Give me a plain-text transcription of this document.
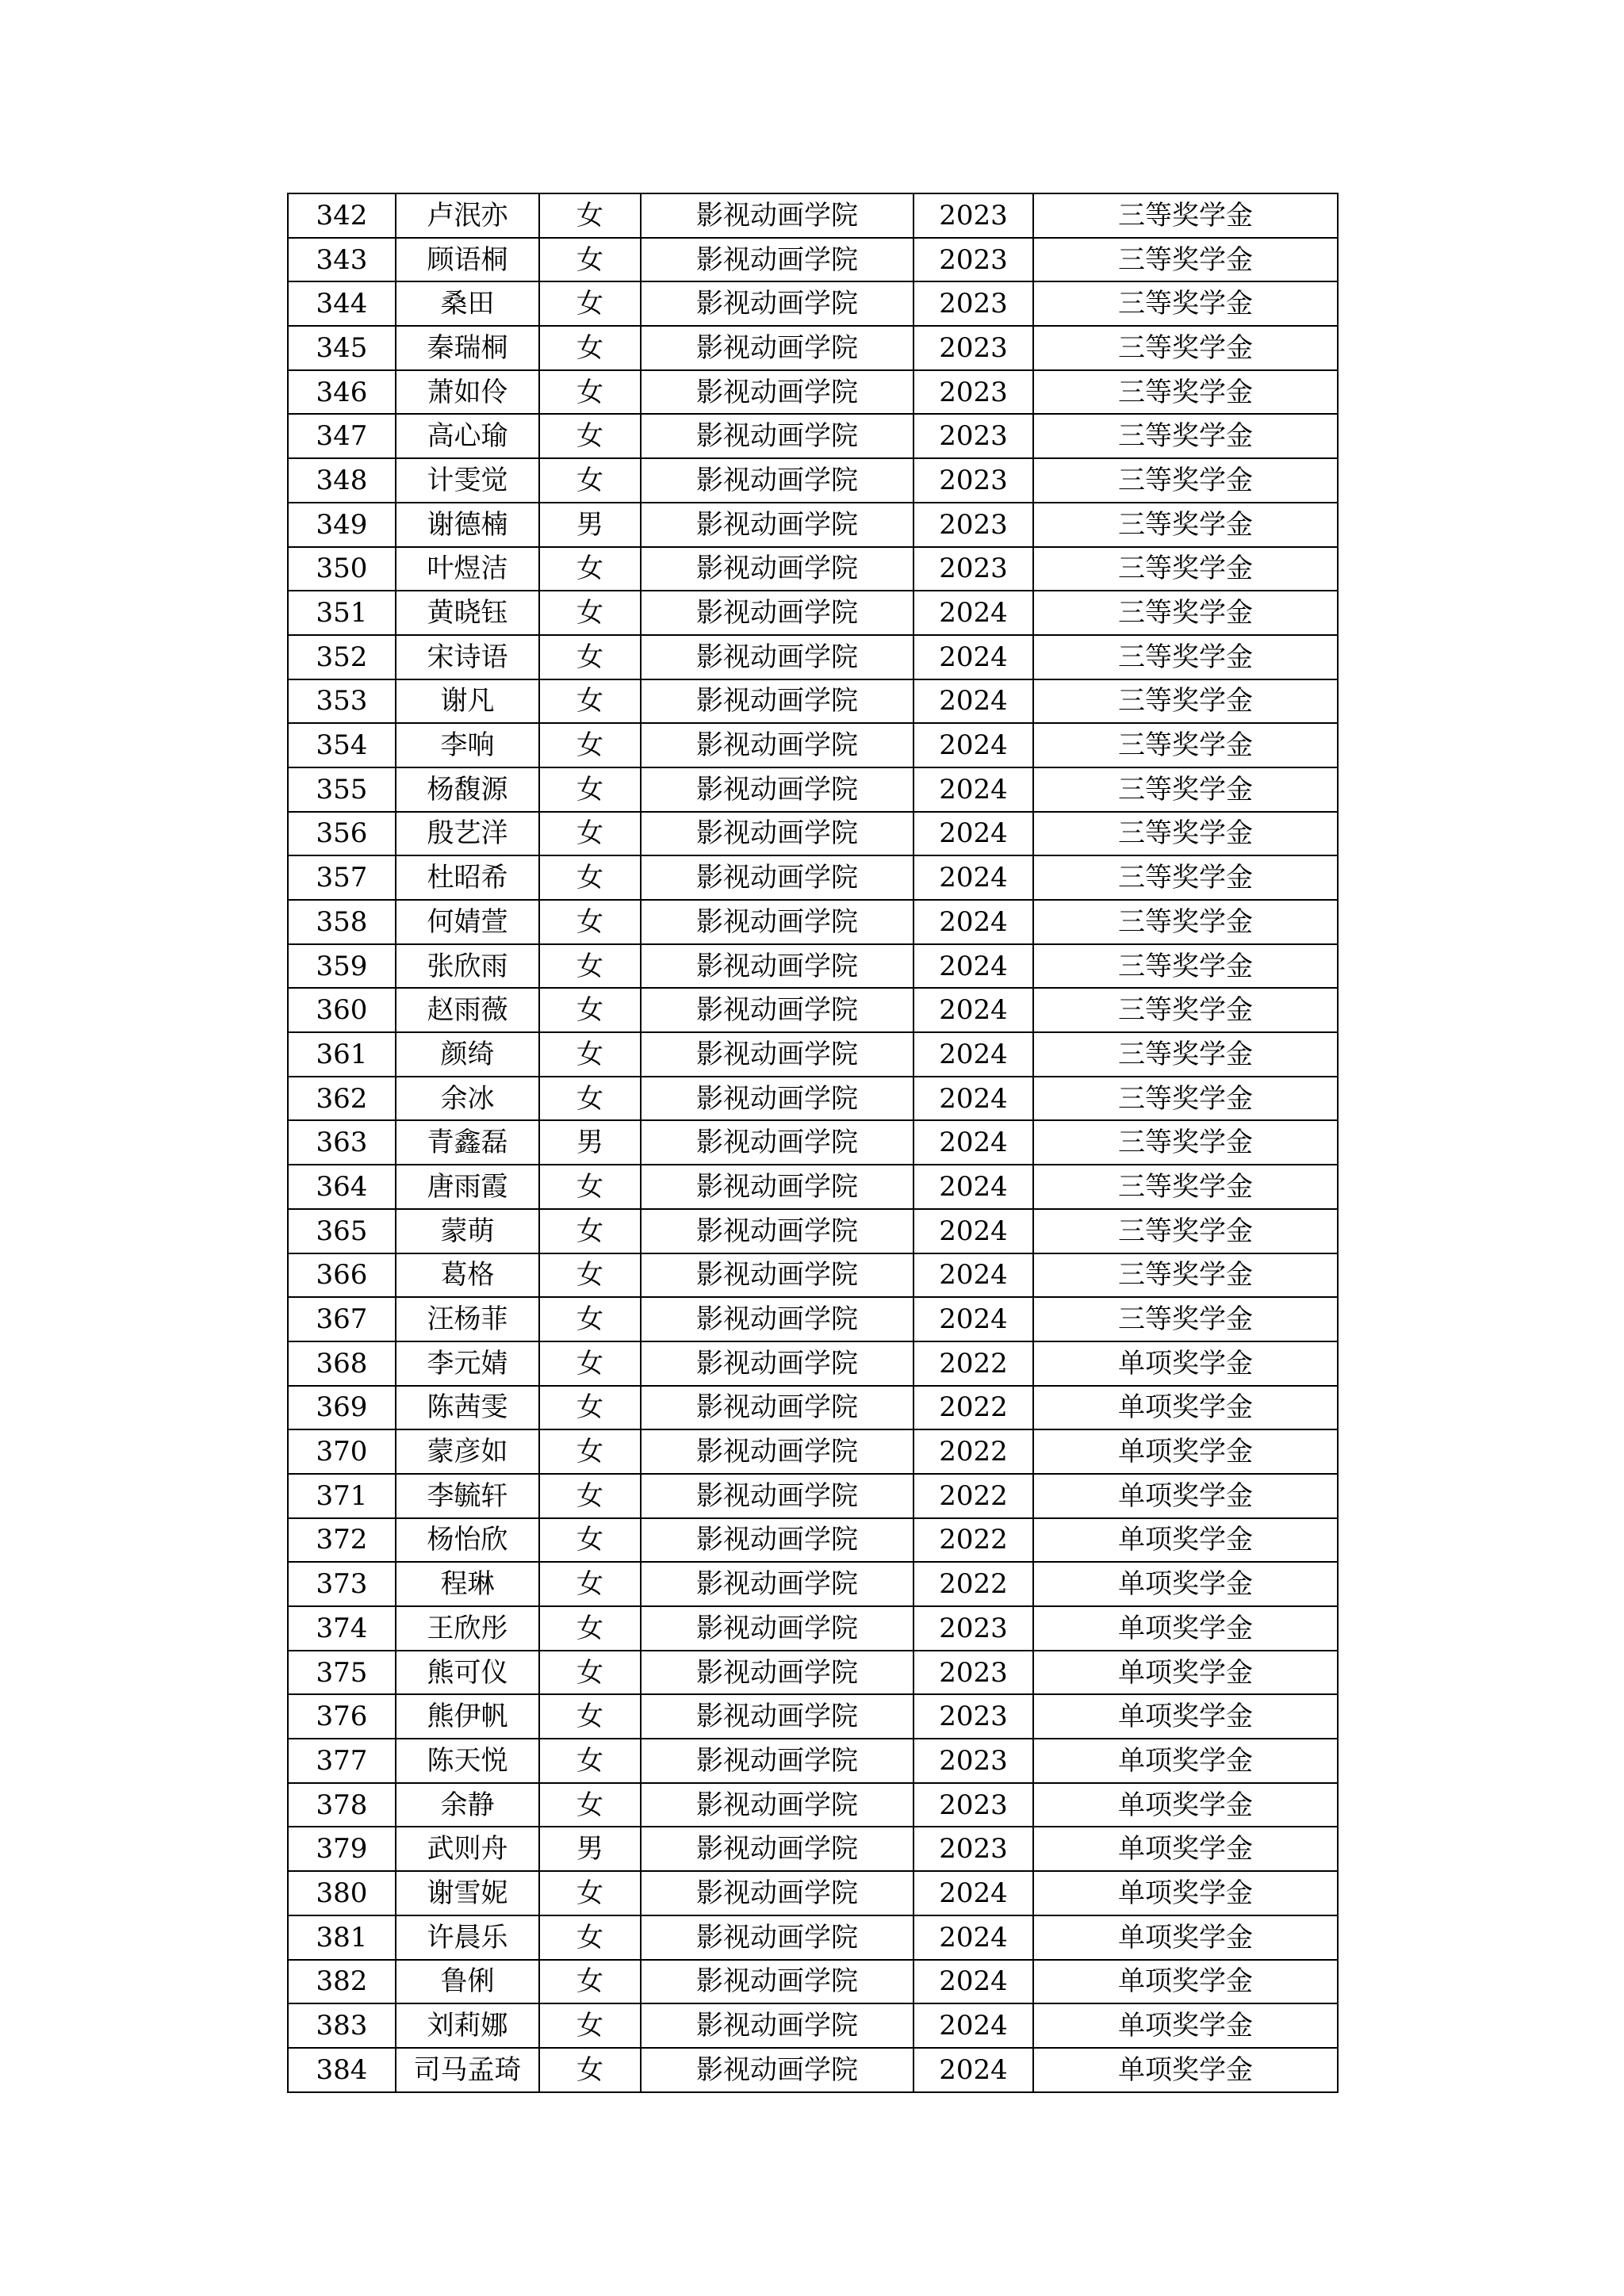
342	卢泯亦	女	影视动画学院	2023	三等奖学金
343	顾语桐	女	影视动画学院	2023	三等奖学金
344	桑田	女	影视动画学院	2023	三等奖学金
345	秦瑞桐	女	影视动画学院	2023	三等奖学金
346	萧如伶	女	影视动画学院	2023	三等奖学金
347	高心瑜	女	影视动画学院	2023	三等奖学金
348	计雯觉	女	影视动画学院	2023	三等奖学金
349	谢德楠	男	影视动画学院	2023	三等奖学金
350	叶煜洁	女	影视动画学院	2023	三等奖学金
351	黄晓钰	女	影视动画学院	2024	三等奖学金
352	宋诗语	女	影视动画学院	2024	三等奖学金
353	谢凡	女	影视动画学院	2024	三等奖学金
354	李响	女	影视动画学院	2024	三等奖学金
355	杨馥源	女	影视动画学院	2024	三等奖学金
356	殷艺洋	女	影视动画学院	2024	三等奖学金
357	杜昭希	女	影视动画学院	2024	三等奖学金
358	何婧萱	女	影视动画学院	2024	三等奖学金
359	张欣雨	女	影视动画学院	2024	三等奖学金
360	赵雨薇	女	影视动画学院	2024	三等奖学金
361	颜绮	女	影视动画学院	2024	三等奖学金
362	余冰	女	影视动画学院	2024	三等奖学金
363	青鑫磊	男	影视动画学院	2024	三等奖学金
364	唐雨霞	女	影视动画学院	2024	三等奖学金
365	蒙萌	女	影视动画学院	2024	三等奖学金
366	葛格	女	影视动画学院	2024	三等奖学金
367	汪杨菲	女	影视动画学院	2024	三等奖学金
368	李元婧	女	影视动画学院	2022	单项奖学金
369	陈茜雯	女	影视动画学院	2022	单项奖学金
370	蒙彦如	女	影视动画学院	2022	单项奖学金
371	李毓轩	女	影视动画学院	2022	单项奖学金
372	杨怡欣	女	影视动画学院	2022	单项奖学金
373	程琳	女	影视动画学院	2022	单项奖学金
374	王欣彤	女	影视动画学院	2023	单项奖学金
375	熊可仪	女	影视动画学院	2023	单项奖学金
376	熊伊帆	女	影视动画学院	2023	单项奖学金
377	陈天悦	女	影视动画学院	2023	单项奖学金
378	余静	女	影视动画学院	2023	单项奖学金
379	武则舟	男	影视动画学院	2023	单项奖学金
380	谢雪妮	女	影视动画学院	2024	单项奖学金
381	许晨乐	女	影视动画学院	2024	单项奖学金
382	鲁俐	女	影视动画学院	2024	单项奖学金
383	刘莉娜	女	影视动画学院	2024	单项奖学金
384	司马孟琦	女	影视动画学院	2024	单项奖学金
